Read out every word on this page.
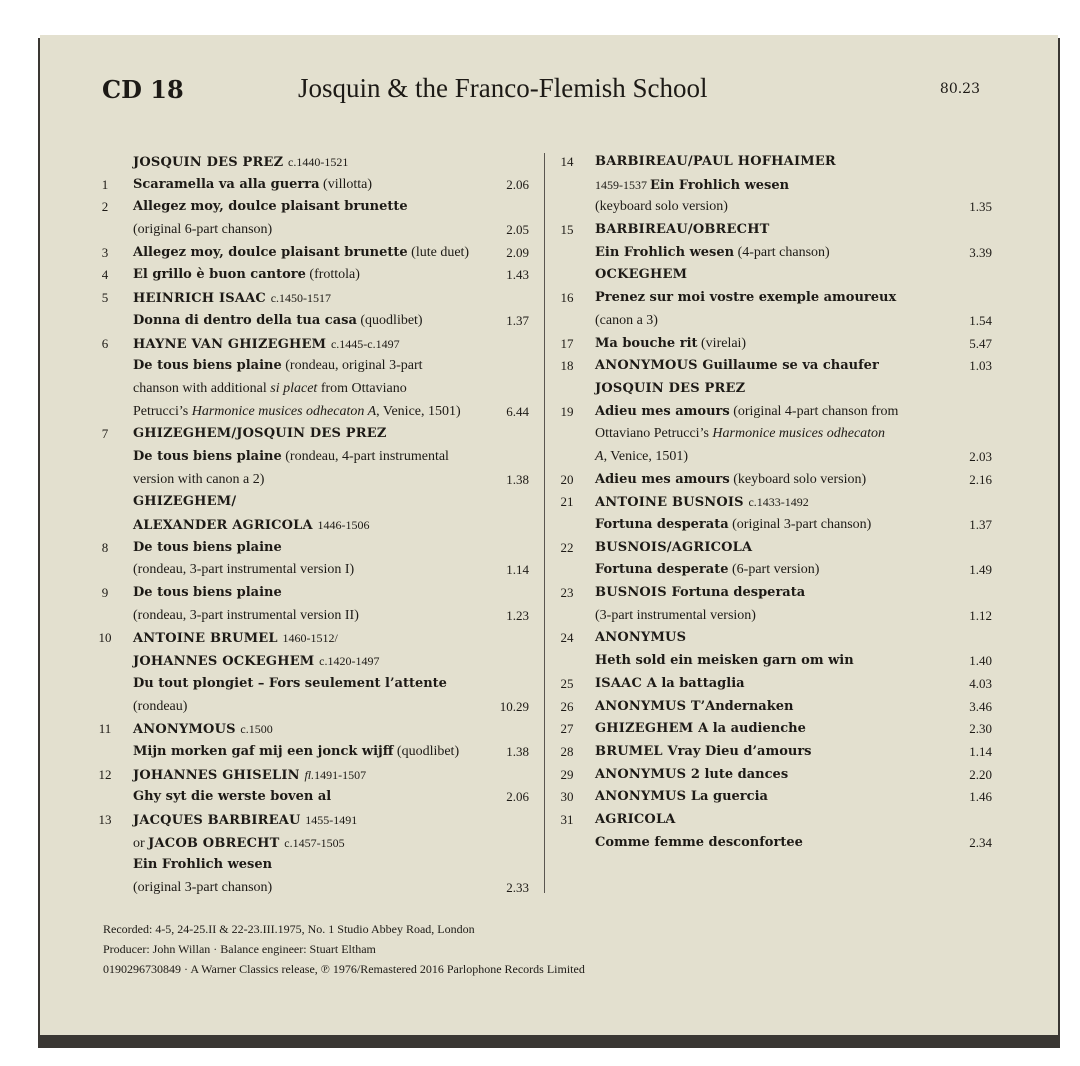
CD 18	Josquin & the Franco-Flemish School	80.23
JOSQUIN DES PREZ c.1440-1521
1	Scaramella va alla guerra (villotta)	2.06
2	Allegez moy, doulce plaisant brunette
(original 6-part chanson)	2.05
3	Allegez moy, doulce plaisant brunette (lute duet)	2.09
4	El grillo è buon cantore (frottola)	1.43
5	HEINRICH ISAAC c.1450-1517
Donna di dentro della tua casa (quodlibet)	1.37
6	HAYNE VAN GHIZEGHEM c.1445-c.1497
De tous biens plaine (rondeau, original 3-part
chanson with additional si placet from Ottaviano
Petrucci’s Harmonice musices odhecaton A, Venice, 1501)	6.44
7	GHIZEGHEM/JOSQUIN DES PREZ
De tous biens plaine (rondeau, 4-part instrumental
version with canon a 2)	1.38
GHIZEGHEM/
ALEXANDER AGRICOLA 1446-1506
8	De tous biens plaine
(rondeau, 3-part instrumental version I)	1.14
9	De tous biens plaine
(rondeau, 3-part instrumental version II)	1.23
10 ANTOINE BRUMEL 1460-1512/
JOHANNES OCKEGHEM c.1420-1497
Du tout plongiet – Fors seulement l’attente
(rondeau)	10.29
11 ANONYMOUS c.1500
Mijn morken gaf mij een jonck wijff (quodlibet)	1.38
12 JOHANNES GHISELIN fl.1491-1507
Ghy syt die werste boven al	2.06
13 JACQUES BARBIREAU 1455-1491
or JACOB OBRECHT c.1457-1505
Ein Frohlich wesen
(original 3-part chanson)	2.33
14 BARBIREAU/PAUL HOFHAIMER
1459-1537 Ein Frohlich wesen
(keyboard solo version)	1.35
15 BARBIREAU/OBRECHT
Ein Frohlich wesen (4-part chanson)	3.39
OCKEGHEM
16 Prenez sur moi vostre exemple amoureux
(canon a 3)	1.54
17 Ma bouche rit (virelai)	5.47
18 ANONYMOUS Guillaume se va chaufer	1.03
JOSQUIN DES PREZ
19 Adieu mes amours (original 4-part chanson from
Ottaviano Petrucci’s Harmonice musices odhecaton
A, Venice, 1501)	2.03
20 Adieu mes amours (keyboard solo version)	2.16
21 ANTOINE BUSNOIS c.1433-1492
Fortuna desperata (original 3-part chanson)	1.37
22 BUSNOIS/AGRICOLA
Fortuna desperate (6-part version)	1.49
23 BUSNOIS Fortuna desperata
(3-part instrumental version)	1.12
24 ANONYMUS
Heth sold ein meisken garn om win	1.40
25 ISAAC A la battaglia	4.03
26 ANONYMUS T’Andernaken	3.46
27 GHIZEGHEM A la audienche	2.30
28 BRUMEL Vray Dieu d’amours	1.14
29 ANONYMUS 2 lute dances	2.20
30 ANONYMUS La guercia	1.46
31 AGRICOLA
Comme femme desconfortee	2.34
Recorded: 4-5, 24-25.II & 22-23.III.1975, No. 1 Studio Abbey Road, London
Producer: John Willan · Balance engineer: Stuart Eltham
0190296730849 · A Warner Classics release, ℗ 1976/Remastered 2016 Parlophone Records Limited
